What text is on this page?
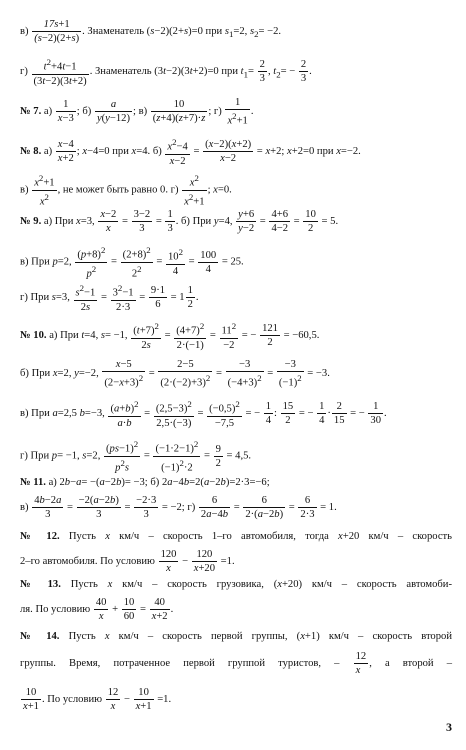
$в) \frac{17s+1}{(s-2)(2+s)}$ . Знаменатель (s−2)(2+s)=0 при $s_1=2$, $s_2= -2$.
$г) \frac{t^2+4t-1}{(3t-2)(3t+2)}$ . Знаменатель (3t−2)(3t+2)=0 при $t_1= \frac{2}{3}$ , $t_2= - \frac{2}{3}$ .
№ 7. $а) \frac{1}{x-3}$ ; $б) \frac{a}{y(y-12)}$ ; $в) \frac{10}{(z+4)(z+7)\cdot z}$ ; $г) \frac{1}{x^2+1}$ .
№ 8. $а) \frac{x-4}{x+2}$ ; x−4=0 при x=4. $б) \frac{x^2-4}{x-2} = \frac{(x-2)(x+2)}{x-2} = x+2$; x+2=0 при x=−2.
$в) \frac{x^2+1}{x^2}$ , не может быть равно 0. $г) \frac{x^2}{x^2+1}$ ; x=0.
№ 9. а) При x=3, $\frac{x-2}{x} = \frac{3-2}{3} = \frac{1}{3}$ . б) При y=4, $\frac{y+6}{y-2} = \frac{4+6}{4-2} = \frac{10}{2} = 5$.
в) При p=2, $\frac{(p+8)^2}{p^2} = \frac{(2+8)^2}{2^2} = \frac{10^2}{4} = \frac{100}{4} = 25$.
г) При s=3, $\frac{s^2-1}{2s} = \frac{3^2-1}{2\cdot 3} = \frac{9\cdot 1}{6} = 1 \frac{1}{2}$ .
№ 10. а) При t=4, s= −1, $\frac{(t+7)^2}{2s} = \frac{(4+7)^2}{2\cdot(-1)} = \frac{11^2}{-2}$ = − $\frac{121}{2} = -60,5$.
б) При x=2, y=−2, $\frac{x-5}{(2-x+3)^2} = \frac{2-5}{(2\cdot(-2)+3)^2} = \frac{-3}{(-4+3)^2} = \frac{-3}{(-1)^2} = -3$.
в) При a=2,5 b=−3, $\frac{(a+b)^2}{a\cdot b} = \frac{(2,5-3)^2}{2,5\cdot(-3)} = \frac{(-0,5)^2}{-7,5}$ = − $\frac{1}{4}$ : $\frac{15}{2}$ = − $\frac{1}{4} \cdot \frac{2}{15}$ = − $\frac{1}{30}$ .
г) При p= −1, s=2, $\frac{(ps-1)^2}{p^2s} = \frac{(-1\cdot 2-1)^2}{(-1)^2\cdot 2} = \frac{9}{2} = 4,5$.
№ 11. а) 2b−a= −(a−2b)= −3; б) 2a−4b=2(a−2b)=2·3=−6;
$в) \frac{4b-2a}{3} = \frac{-2(a-2b)}{3} = \frac{-2\cdot 3}{3} = -2$; $г) \frac{6}{2a-4b} = \frac{6}{2\cdot(a-2b)} = \frac{6}{2\cdot 3} = 1$.
№ 12. Пусть x км/ч – скорость 1–го автомобиля, тогда x+20 км/ч – скорость
2–го автомобиля. По условию $\frac{120}{x} - \frac{120}{x+20} =1$.
№ 13. Пусть x км/ч – скорость грузовика, (x+20) км/ч – скорость автомоби-
ля. По условию $\frac{40}{x} + \frac{10}{60} = \frac{40}{x+2}$ .
№ 14. Пусть x км/ч – скорость первой группы, (x+1) км/ч – скорость второй
группы. Время, потраченное первой группой туристов, – $\frac{12}{x}$ , а второй –
$\frac{10}{x+1}$ . По условию $\frac{12}{x} - \frac{10}{x+1} =1$.
3
